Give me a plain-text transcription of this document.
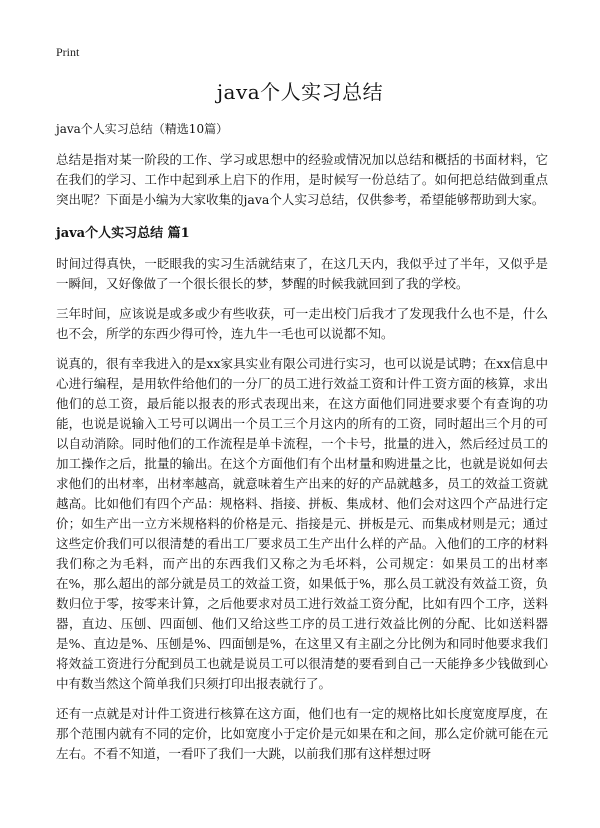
Print
java个人实习总结
java个人实习总结（精选10篇）

总结是指对某一阶段的工作、学习或思想中的经验或情况加以总结和概括的书面材料，它在我们的学习、工作中起到承上启下的作用，是时候写一份总结了。如何把总结做到重点突出呢？下面是小编为大家收集的java个人实习总结，仅供参考，希望能够帮助到大家。

java个人实习总结 篇1

时间过得真快，一眨眼我的实习生活就结束了，在这几天内，我似乎过了半年，又似乎是一瞬间，又好像做了一个很长很长的梦，梦醒的时候我就回到了我的学校。

三年时间，应该说是或多或少有些收获，可一走出校门后我才了发现我什么也不是，什么也不会，所学的东西少得可怜，连九牛一毛也可以说都不知。

说真的，很有幸我进入的是xx家具实业有限公司进行实习，也可以说是试聘；在xx信息中心进行编程，是用软件给他们的一分厂的员工进行效益工资和计件工资方面的核算，求出他们的总工资，最后能以报表的形式表现出来，在这方面他们同进要求要个有查询的功能，也说是说输入工号可以调出一个员工三个月这内的所有的工资，同时超出三个月的可以自动消除。同时他们的工作流程是单卡流程，一个卡号，批量的进入，然后经过员工的加工操作之后，批量的输出。在这个方面他们有个出材量和购进量之比，也就是说如何去求他们的出材率，出材率越高，就意味着生产出来的好的产品就越多，员工的效益工资就越高。比如他们有四个产品：规格料、指接、拼板、集成材、他们会对这四个产品进行定价；如生产出一立方米规格料的价格是元、指接是元、拼板是元、而集成材则是元；通过这些定价我们可以很清楚的看出工厂要求员工生产出什么样的产品。入他们的工序的材料我们称之为毛料，而产出的东西我们又称之为毛坏料，公司规定：如果员工的出材率在%，那么超出的部分就是员工的效益工资，如果低于%，那么员工就没有效益工资，负数归位于零，按零来计算，之后他要求对员工进行效益工资分配，比如有四个工序，送料器，直边、压刨、四面刨、他们又给这些工序的员工进行效益比例的分配、比如送料器是%、直边是%、压刨是%、四面刨是%，在这里又有主副之分比例为和同时他要求我们将效益工资进行分配到员工也就是说员工可以很清楚的要看到自己一天能挣多少钱做到心中有数当然这个简单我们只须打印出报表就行了。

还有一点就是对计件工资进行核算在这方面，他们也有一定的规格比如长度宽度厚度，在那个范围内就有不同的定价，比如宽度小于定价是元如果在和之间，那么定价就可能在元左右。不看不知道，一看吓了我们一大跳，以前我们那有这样想过呀
